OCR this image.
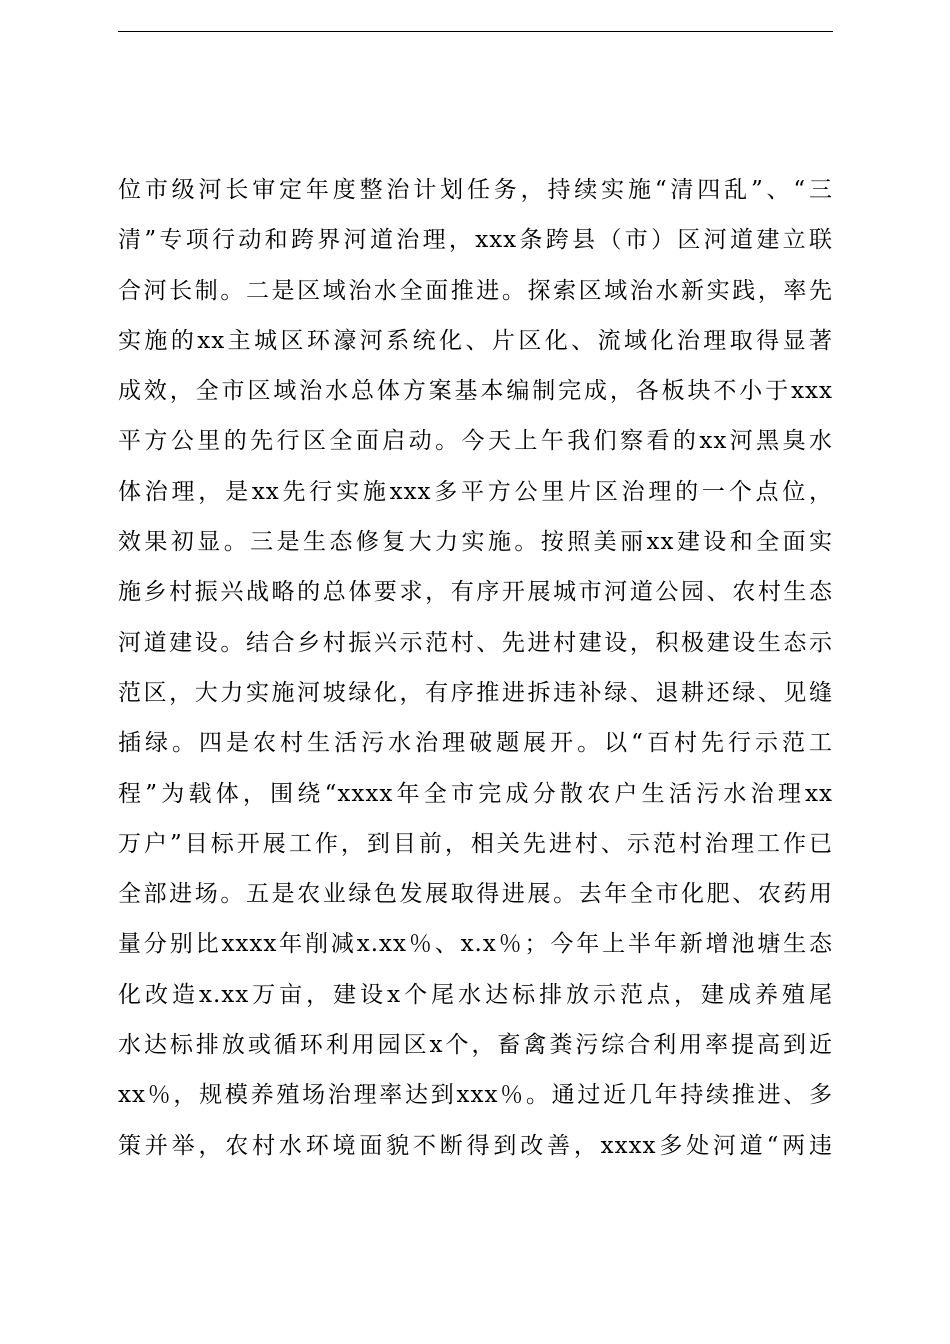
位市级河长审定年度整治计划任务，持续实施“清四乱”、“三
清”专项行动和跨界河道治理，xxx条跨县（市）区河道建立联
合河长制。二是区域治水全面推进。探索区域治水新实践，率先
实施的xx主城区环濠河系统化、片区化、流域化治理取得显著
成效，全市区域治水总体方案基本编制完成，各板块不小于xxx
平方公里的先行区全面启动。今天上午我们察看的xx河黑臭水
体治理，是xx先行实施xxx多平方公里片区治理的一个点位，
效果初显。三是生态修复大力实施。按照美丽xx建设和全面实
施乡村振兴战略的总体要求，有序开展城市河道公园、农村生态
河道建设。结合乡村振兴示范村、先进村建设，积极建设生态示
范区，大力实施河坡绿化，有序推进拆违补绿、退耕还绿、见缝
插绿。四是农村生活污水治理破题展开。以“百村先行示范工
程”为载体，围绕“xxxx年全市完成分散农户生活污水治理xx
万户”目标开展工作，到目前，相关先进村、示范村治理工作已
全部进场。五是农业绿色发展取得进展。去年全市化肥、农药用
量分别比xxxx年削减x.xx％、x.x％；今年上半年新增池塘生态
化改造x.xx万亩，建设x个尾水达标排放示范点，建成养殖尾
水达标排放或循环利用园区x个，畜禽粪污综合利用率提高到近
xx％，规模养殖场治理率达到xxx％。通过近几年持续推进、多
策并举，农村水环境面貌不断得到改善，xxxx多处河道“两违
